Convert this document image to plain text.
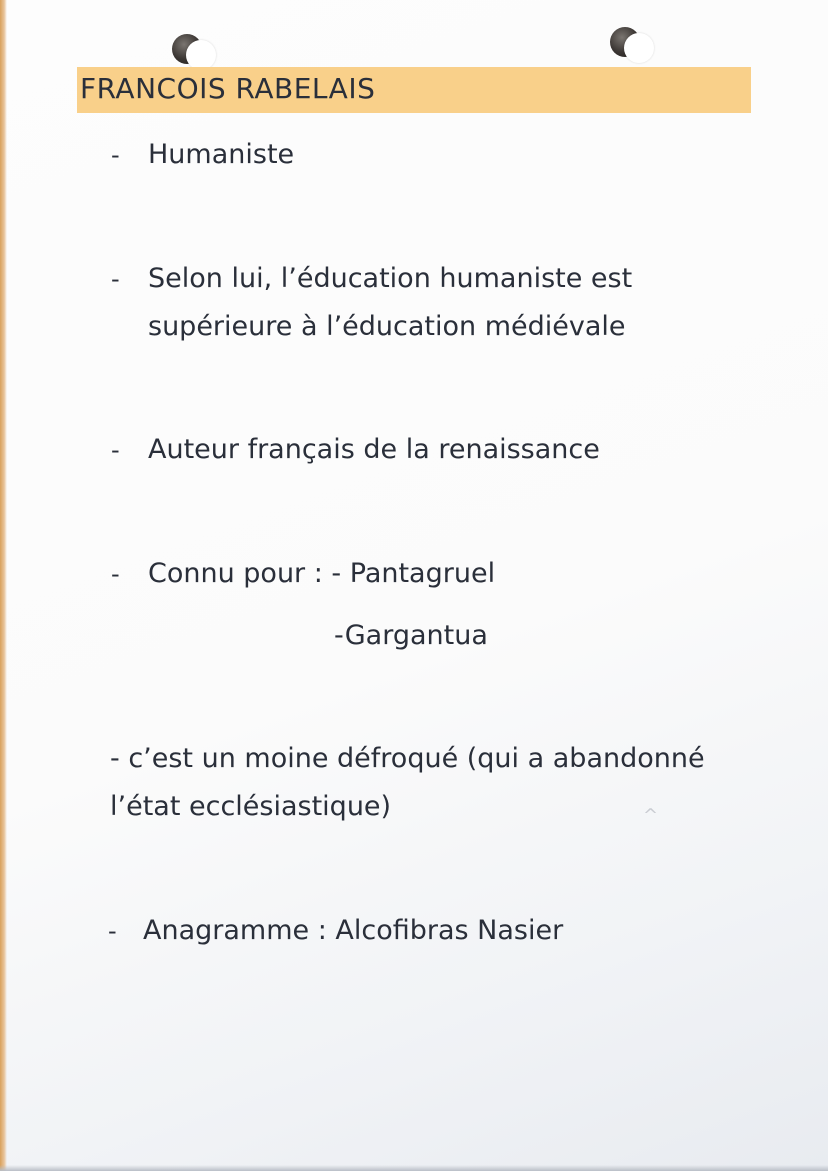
FRANCOIS RABELAIS
- Humaniste
- Selon lui, l’éducation humaniste est
supérieure à l’éducation médiévale
- Auteur français de la renaissance
- Connu pour : - Pantagruel
-Gargantua
- c’est un moine défroqué (qui a abandonné
l’état ecclésiastique)
- Anagramme : Alcofibras Nasier
^
